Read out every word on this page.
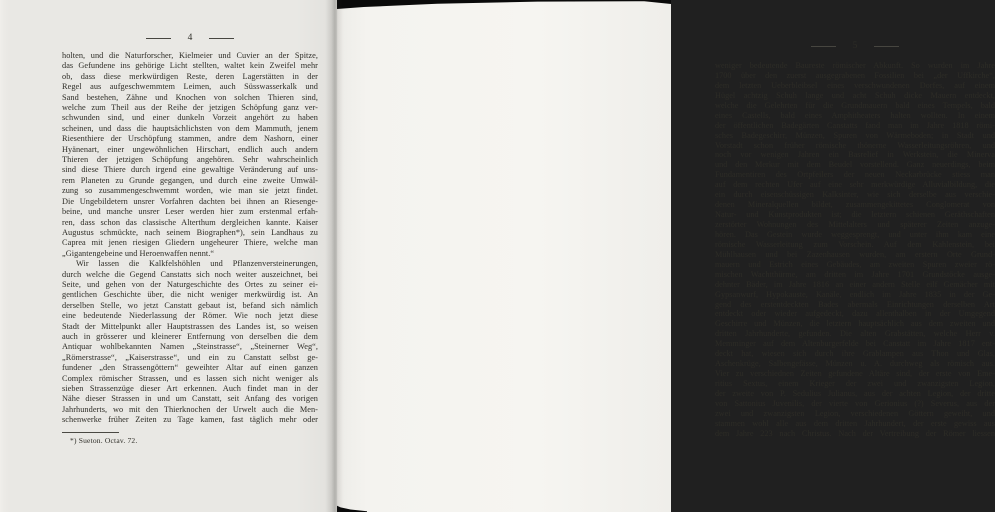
4
holten, und die Naturforscher, Kielmeier und Cuvier an der Spitze,
das Gefundene ins gehörige Licht stellten, waltet kein Zweifel mehr
ob, dass diese merkwürdigen Reste, deren Lagerstätten in der
Regel aus aufgeschwemmtem Leimen, auch Süsswasserkalk und
Sand bestehen, Zähne und Knochen von solchen Thieren sind,
welche zum Theil aus der Reihe der jetzigen Schöpfung ganz ver-
schwunden sind, und einer dunkeln Vorzeit angehört zu haben
scheinen, und dass die hauptsächlichsten von dem Mammuth, jenem
Riesenthiere der Urschöpfung stammen, andre dem Nashorn, einer
Hyänenart, einer ungewöhnlichen Hirschart, endlich auch andern
Thieren der jetzigen Schöpfung angehören. Sehr wahrscheinlich
sind diese Thiere durch irgend eine gewaltige Veränderung auf uns-
rem Planeten zu Grunde gegangen, und durch eine zweite Umwäl-
zung so zusammengeschwemmt worden, wie man sie jetzt findet.
Die Ungebildetern unsrer Vorfahren dachten bei ihnen an Riesenge-
beine, und manche unsrer Leser werden hier zum erstenmal erfah-
ren, dass schon das classische Alterthum dergleichen kannte. Kaiser
Augustus schmückte, nach seinem Biographen*), sein Landhaus zu
Caprea mit jenen riesigen Gliedern ungeheurer Thiere, welche man
„Gigantengebeine und Heroenwaffen nennt.“
Wir lassen die Kalkfelshöhlen und Pflanzenversteinerungen,
durch welche die Gegend Canstatts sich noch weiter auszeichnet, bei
Seite, und gehen von der Naturgeschichte des Ortes zu seiner ei-
gentlichen Geschichte über, die nicht weniger merkwürdig ist. An
derselben Stelle, wo jetzt Canstatt gebaut ist, befand sich nämlich
eine bedeutende Niederlassung der Römer. Wie noch jetzt diese
Stadt der Mittelpunkt aller Hauptstrassen des Landes ist, so weisen
auch in grösserer und kleinerer Entfernung von derselben die dem
Antiquar wohlbekannten Namen „Steinstrasse“, „Steinerner Weg“,
„Römerstrasse“, „Kaiserstrasse“, und ein zu Canstatt selbst ge-
fundener „den Strassengöttern“ geweihter Altar auf einen ganzen
Complex römischer Strassen, und es lassen sich nicht weniger als
sieben Strassenzüge dieser Art erkennen. Auch findet man in der
Nähe dieser Strassen in und um Canstatt, seit Anfang des vorigen
Jahrhunderts, wo mit den Thierknochen der Urwelt auch die Men-
schenwerke früher Zeiten zu Tage kamen, fast täglich mehr oder
*) Sueton. Octav. 72.
5
weniger bedeutende Baureste römischer Abkunft. So wurden im Jahre
1700 über den zuerst ausgegrabenen Fossilien bei „der Uffkirche“,
dem letzten Ueberbleibsel eines verschwundenen Dorfes, auf einem
Hügel achtzig Schuh lange und acht Schuh dicke Mauern entdeckt,
welche die Gelehrten für die Grundmauern bald eines Tempels, bald
eines Castells, bald eines Amphitheaters halten wollten. In einem
der öffentlichen Badegärten Canstatts fand man im Jahre 1818 römi-
sches Badegeschirr, Münzen, Spuren von Wärmeboden; in Stadt und
Vorstadt schon früher römische thönerne Wasserleitungsröhren, und
noch vor wenigen Jahren ein Basrelief in Werkstein, die Minerva
und den Merkur mit dem Beudel vorstellend. Ganz neuerdings, beim
Fundamentiren des Ortpfeilers der neuen Neckarbrücke stiess man
auf dem rechten Ufer auf eine sehr merkwürdige Alluvialbildung, die
ein durch eisenschüssigen Kalksinter, wie sich derselbe aus verschie-
denen Mineralquellen bildet, zusammengekittetes Conglomerat von
Natur- und Kunstprodukten ist; die letztern schienen Geräthschaften
zerstörter Wohnungen des Mittelalters und späterer Zeiten anzuge-
hören. Das Gestein wurde weggesprengt, und unter ihm kam eine
römische Wasserleitung zum Vorschein. Auf dem Kahlenstein, bei
Mühlhausen und bei Zazenhausen wurden, am erstern Orte Grund-
mauern und Estrich eines Gebäudes, am zweiten Spuren zweier rö-
mischen Wachtthürme, am dritten im Jahre 1701 Grundstöcke ausge-
dehnter Bäder, im Jahre 1816 an einer andern Stelle eilf Gemächer mit
Gypsanwurf, Hypokauste, Kanäle, endlich im Jahre 1835 in der Ge-
gend des erstentdeckten Bades abermals Einrichtungen derselben Art
entdeckt oder wieder aufgedeckt, dazu allenthalben in der Umgegend
Geschirre und Münzen, die letztern hauptsächlich aus dem zweiten und
dritten Jahrhunderte, gefunden. Die alten Grabstätten, welche Herr v.
Memminger auf dem Altenburgerfelde bei Canstatt im Jahre 1817 ent-
deckt hat, wiesen sich durch ihre Grablampen aus Thon und Glas,
Aschenkrüge, Salbengefässe, Münzen u. A. durchweg als römisch aus.
Vier zu verschiednen Zeiten gefundene Altäre sind, der erste von Eme-
ritius Sextus, einem Krieger der zwei und zwanzigsten Legion,
der zweite von P. Sedulius Julianus, aus der achten Legion, der dritte
von Sattonius Juvenilis, der vierte von Gerionius (?) Severus, aus der
zwei und zwanzigsten Legion, verschiedenen Göttern geweiht, und
stammen wohl alle aus dem dritten Jahrhundert, der erste gewiss aus
dem Jahre 223 nach Christus. Nach der Vertreibung der Römer liessen
